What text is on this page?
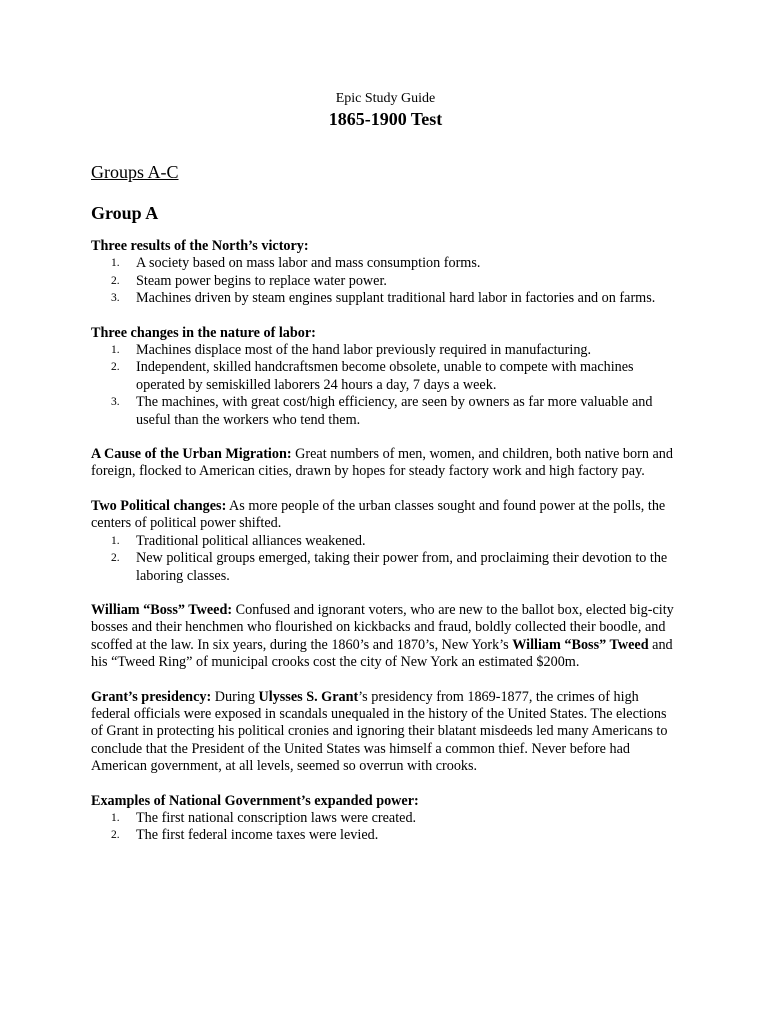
Epic Study Guide
1865-1900 Test
Groups A-C
Group A
Three results of the North’s victory:
1.	A society based on mass labor and mass consumption forms.
2.	Steam power begins to replace water power.
3.	Machines driven by steam engines supplant traditional hard labor in factories and on farms.
Three changes in the nature of labor:
1.	Machines displace most of the hand labor previously required in manufacturing.
2.	Independent, skilled handcraftsmen become obsolete, unable to compete with machines operated by semiskilled laborers 24 hours a day, 7 days a week.
3.	The machines, with great cost/high efficiency, are seen by owners as far more valuable and useful than the workers who tend them.
A Cause of the Urban Migration: Great numbers of men, women, and children, both native born and foreign, flocked to American cities, drawn by hopes for steady factory work and high factory pay.
Two Political changes: As more people of the urban classes sought and found power at the polls, the centers of political power shifted.
1.	Traditional political alliances weakened.
2.	New political groups emerged, taking their power from, and proclaiming their devotion to the laboring classes.
William “Boss” Tweed: Confused and ignorant voters, who are new to the ballot box, elected big-city bosses and their henchmen who flourished on kickbacks and fraud, boldly collected their boodle, and scoffed at the law. In six years, during the 1860’s and 1870’s, New York’s William “Boss” Tweed and his “Tweed Ring” of municipal crooks cost the city of New York an estimated $200m.
Grant’s presidency: During Ulysses S. Grant’s presidency from 1869-1877, the crimes of high federal officials were exposed in scandals unequaled in the history of the United States. The elections of Grant in protecting his political cronies and ignoring their blatant misdeeds led many Americans to conclude that the President of the United States was himself a common thief. Never before had American government, at all levels, seemed so overrun with crooks.
Examples of National Government’s expanded power:
1.	The first national conscription laws were created.
2.	The first federal income taxes were levied.
